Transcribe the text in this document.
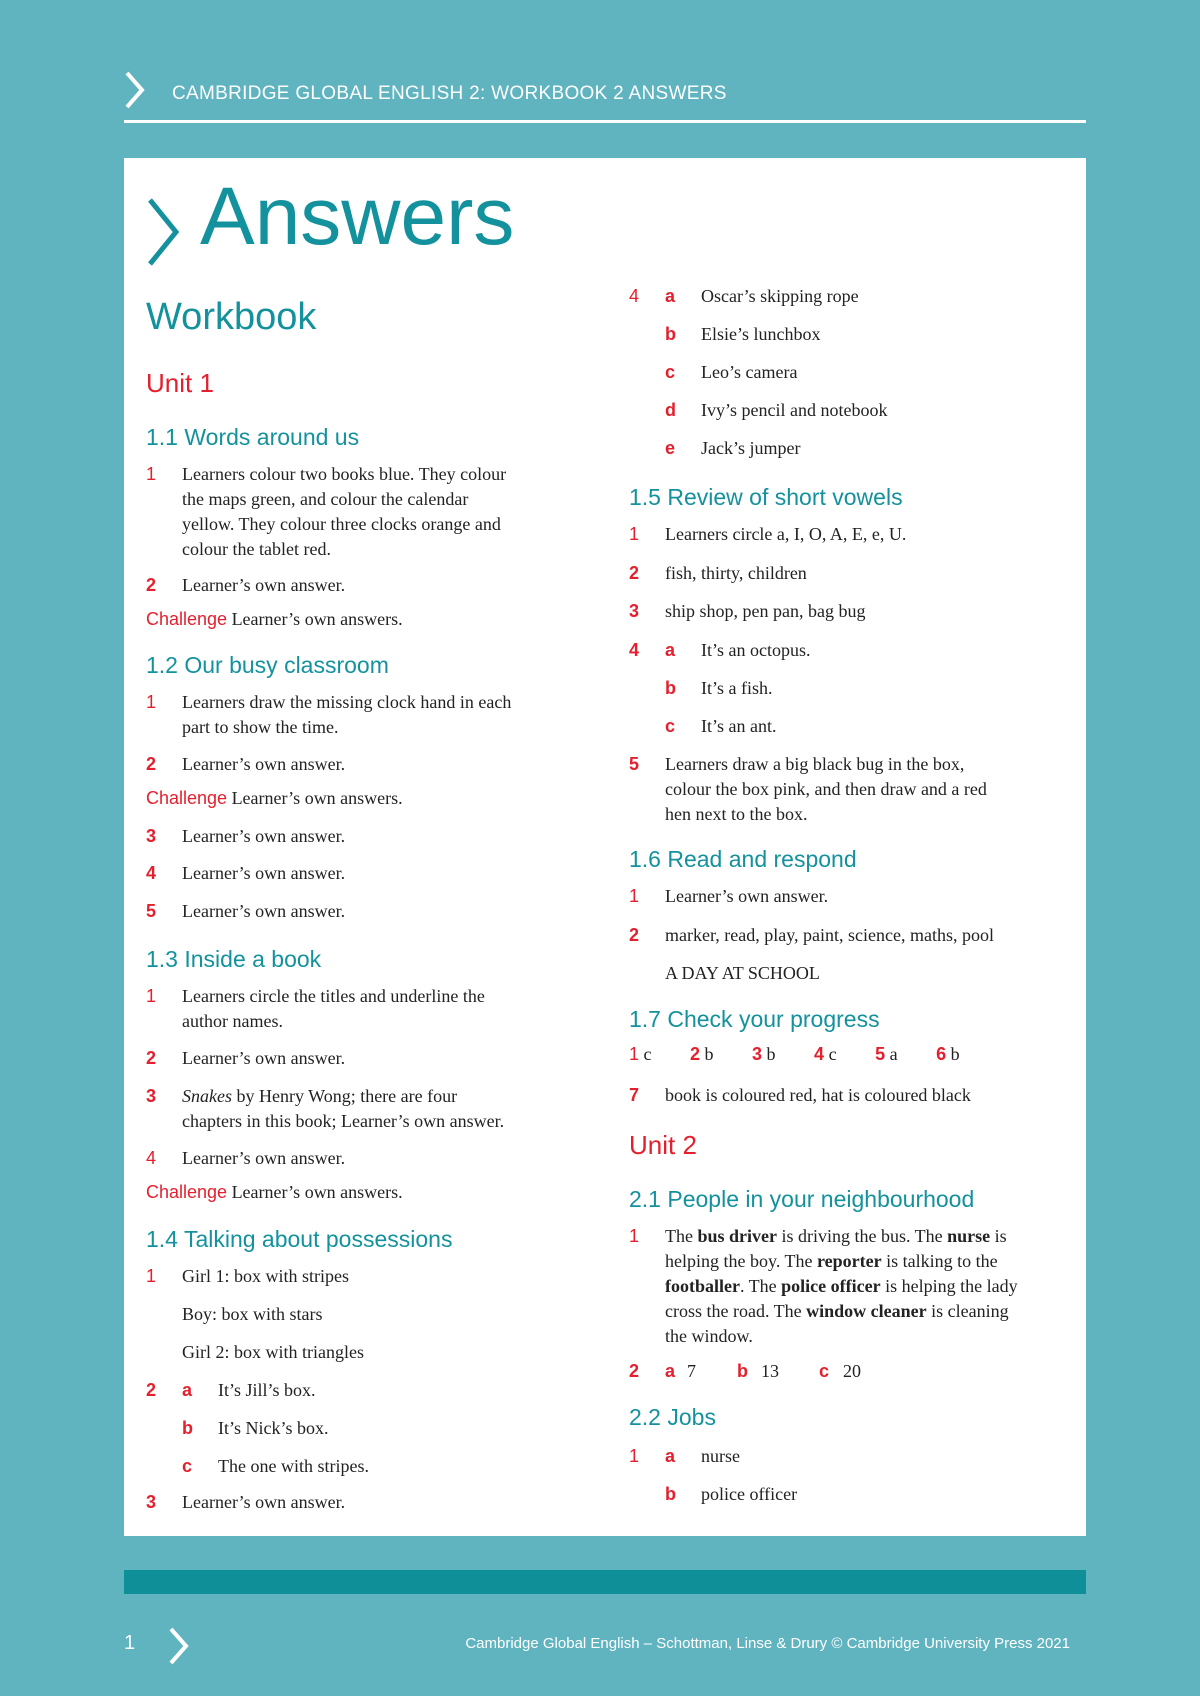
CAMBRIDGE GLOBAL ENGLISH 2: WORKBOOK 2 ANSWERS
Answers
Workbook
Unit 1
1.1 Words around us
1 Learners colour two books blue. They colour
the maps green, and colour the calendar
yellow. They colour three clocks orange and
colour the tablet red.
2 Learner’s own answer.
Challenge Learner’s own answers.
1.2 Our busy classroom
1 Learners draw the missing clock hand in each
part to show the time.
2 Learner’s own answer.
Challenge Learner’s own answers.
3 Learner’s own answer.
4 Learner’s own answer.
5 Learner’s own answer.
1.3 Inside a book
1 Learners circle the titles and underline the
author names.
2 Learner’s own answer.
3 Snakes by Henry Wong; there are four
chapters in this book; Learner’s own answer.
4 Learner’s own answer.
Challenge Learner’s own answers.
1.4 Talking about possessions
1 Girl 1: box with stripes
Boy: box with stars
Girl 2: box with triangles
2 a It’s Jill’s box.
b It’s Nick’s box.
c The one with stripes.
3 Learner’s own answer.
4 a Oscar’s skipping rope
b Elsie’s lunchbox
c Leo’s camera
d Ivy’s pencil and notebook
e Jack’s jumper
1.5 Review of short vowels
1 Learners circle a, I, O, A, E, e, U.
2 fish, thirty, children
3 ship shop, pen pan, bag bug
4 a It’s an octopus.
b It’s a fish.
c It’s an ant.
5 Learners draw a big black bug in the box,
colour the box pink, and then draw and a red
hen next to the box.
1.6 Read and respond
1 Learner’s own answer.
2 marker, read, play, paint, science, maths, pool
A DAY AT SCHOOL
1.7 Check your progress
1 c 2 b 3 b 4 c 5 a 6 b
7 book is coloured red, hat is coloured black
Unit 2
2.1 People in your neighbourhood
1 The bus driver is driving the bus. The nurse is
helping the boy. The reporter is talking to the
footballer. The police officer is helping the lady
cross the road. The window cleaner is cleaning
the window.
2 a 7 b 13 c 20
2.2 Jobs
1 a nurse
b police officer
1	Cambridge Global English – Schottman, Linse & Drury © Cambridge University Press 2021
